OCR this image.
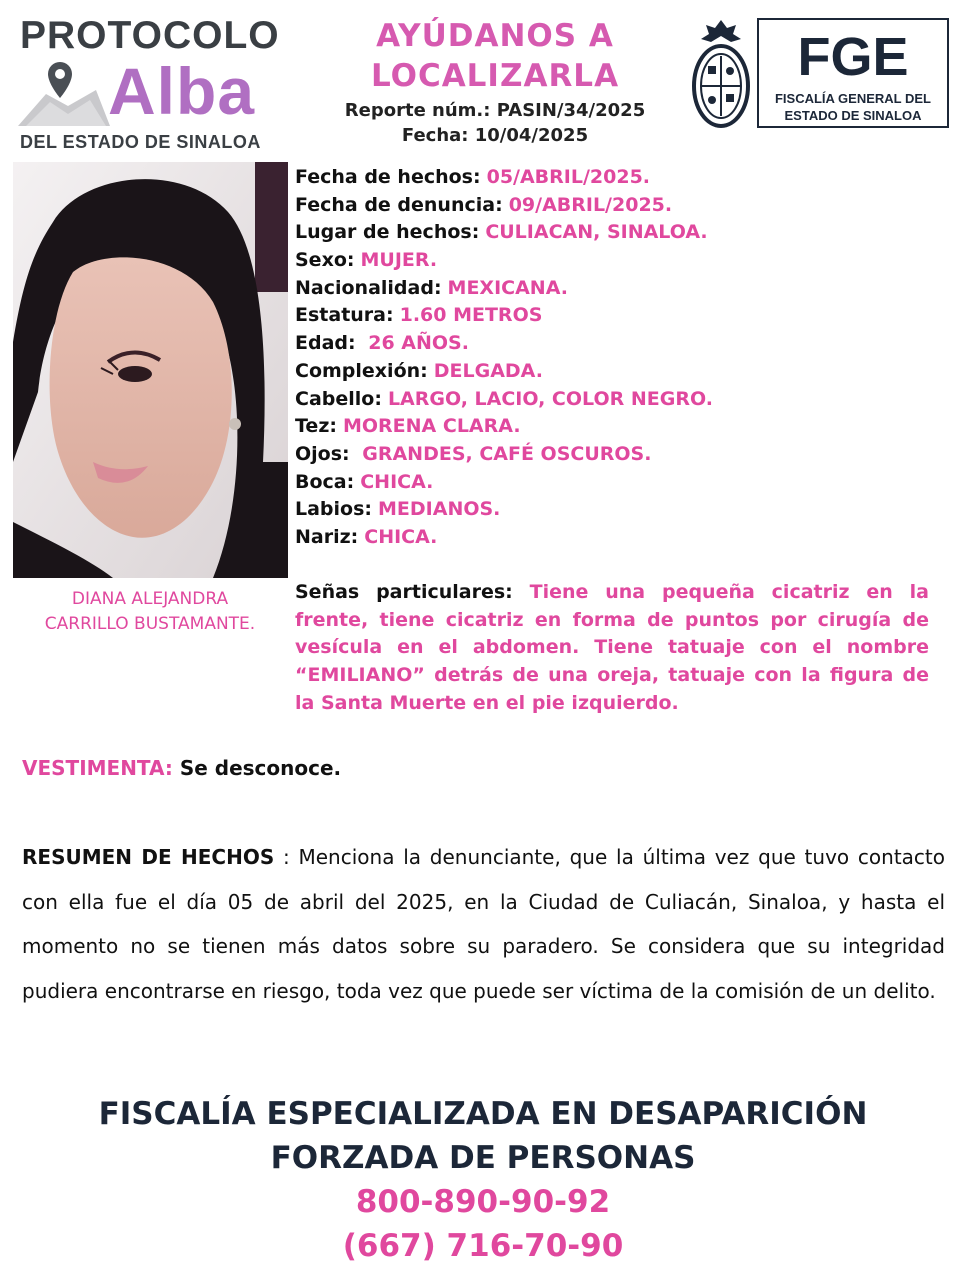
PROTOCOLO
Alba
DEL ESTADO DE SINALOA
AYÚDANOS A LOCALIZARLA
Reporte núm.: PASIN/34/2025
Fecha: 10/04/2025
FGE
FISCALÍA GENERAL DEL
ESTADO DE SINALOA
DIANA ALEJANDRA
CARRILLO BUSTAMANTE.
Fecha de hechos: 05/ABRIL/2025.
Fecha de denuncia: 09/ABRIL/2025.
Lugar de hechos: CULIACAN, SINALOA.
Sexo: MUJER.
Nacionalidad: MEXICANA.
Estatura: 1.60 METROS
Edad: 26 AÑOS.
Complexión: DELGADA.
Cabello: LARGO, LACIO, COLOR NEGRO.
Tez: MORENA CLARA.
Ojos: GRANDES, CAFÉ OSCUROS.
Boca: CHICA.
Labios: MEDIANOS.
Nariz: CHICA.
Señas particulares: Tiene una pequeña cicatriz en la frente, tiene cicatriz en forma de puntos por cirugía de vesícula en el abdomen. Tiene tatuaje con el nombre “EMILIANO” detrás de una oreja, tatuaje con la figura de la Santa Muerte en el pie izquierdo.
VESTIMENTA: Se desconoce.
RESUMEN DE HECHOS : Menciona la denunciante, que la última vez que tuvo contacto con ella fue el día 05 de abril del 2025, en la Ciudad de Culiacán, Sinaloa, y hasta el momento no se tienen más datos sobre su paradero. Se considera que su integridad pudiera encontrarse en riesgo, toda vez que puede ser víctima de la comisión de un delito.
FISCALÍA ESPECIALIZADA EN DESAPARICIÓN
FORZADA DE PERSONAS
800-890-90-92
(667) 716-70-90
